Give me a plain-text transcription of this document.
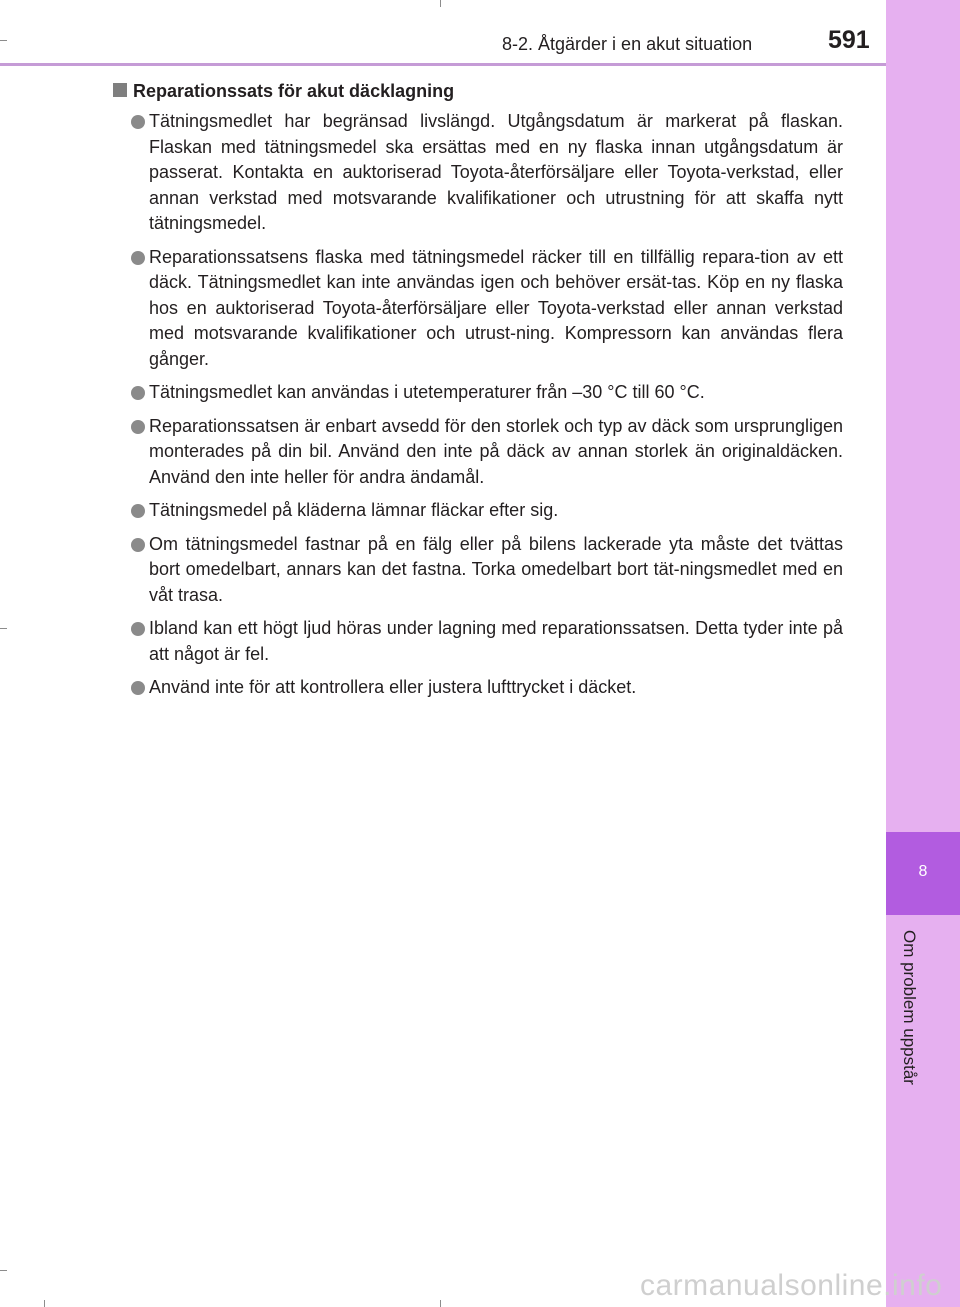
8-2. Åtgärder i en akut situation	591
8
Om problem uppstår
Reparationssats för akut däcklagning
Tätningsmedlet har begränsad livslängd. Utgångsdatum är markerat på flaskan. Flaskan med tätningsmedel ska ersättas med en ny flaska innan utgångsdatum är passerat. Kontakta en auktoriserad Toyota-återförsäljare eller Toyota-verkstad, eller annan verkstad med motsvarande kvalifikationer och utrustning för att skaffa nytt tätningsmedel.
Reparationssatsens flaska med tätningsmedel räcker till en tillfällig repara-tion av ett däck. Tätningsmedlet kan inte användas igen och behöver ersät-tas. Köp en ny flaska hos en auktoriserad Toyota-återförsäljare eller Toyota-verkstad eller annan verkstad med motsvarande kvalifikationer och utrust-ning. Kompressorn kan användas flera gånger.
Tätningsmedlet kan användas i utetemperaturer från –30 °C till 60 °C.
Reparationssatsen är enbart avsedd för den storlek och typ av däck som ursprungligen monterades på din bil. Använd den inte på däck av annan storlek än originaldäcken. Använd den inte heller för andra ändamål.
Tätningsmedel på kläderna lämnar fläckar efter sig.
Om tätningsmedel fastnar på en fälg eller på bilens lackerade yta måste det tvättas bort omedelbart, annars kan det fastna. Torka omedelbart bort tät-ningsmedlet med en våt trasa.
Ibland kan ett högt ljud höras under lagning med reparationssatsen. Detta tyder inte på att något är fel.
Använd inte för att kontrollera eller justera lufttrycket i däcket.
carmanualsonline.info
